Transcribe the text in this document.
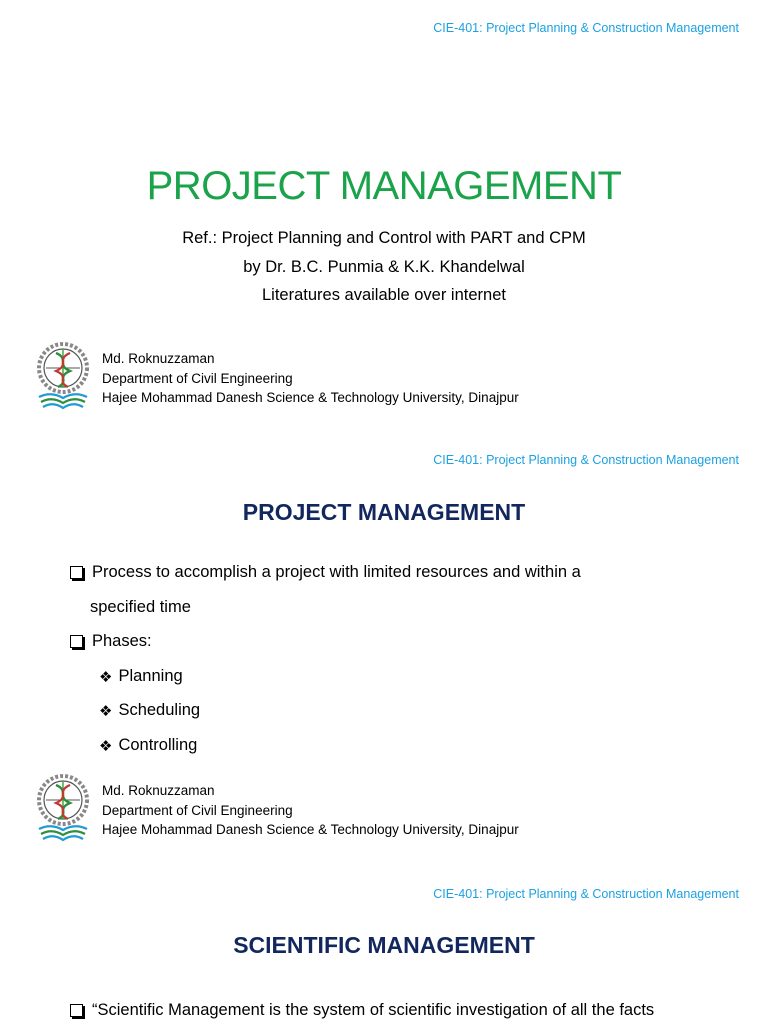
CIE-401: Project Planning & Construction Management
PROJECT MANAGEMENT
Ref.: Project Planning and Control with PART and CPM
by Dr. B.C. Punmia & K.K. Khandelwal
Literatures available over internet
Md. Roknuzzaman
Department of Civil Engineering
Hajee Mohammad Danesh Science & Technology University, Dinajpur
CIE-401: Project Planning & Construction Management
PROJECT MANAGEMENT
Process to accomplish a project with limited resources and within a
specified time
Phases:
❖ Planning
❖ Scheduling
❖ Controlling
Md. Roknuzzaman
Department of Civil Engineering
Hajee Mohammad Danesh Science & Technology University, Dinajpur
CIE-401: Project Planning & Construction Management
SCIENTIFIC MANAGEMENT
“Scientific Management is the system of scientific investigation of all the facts
